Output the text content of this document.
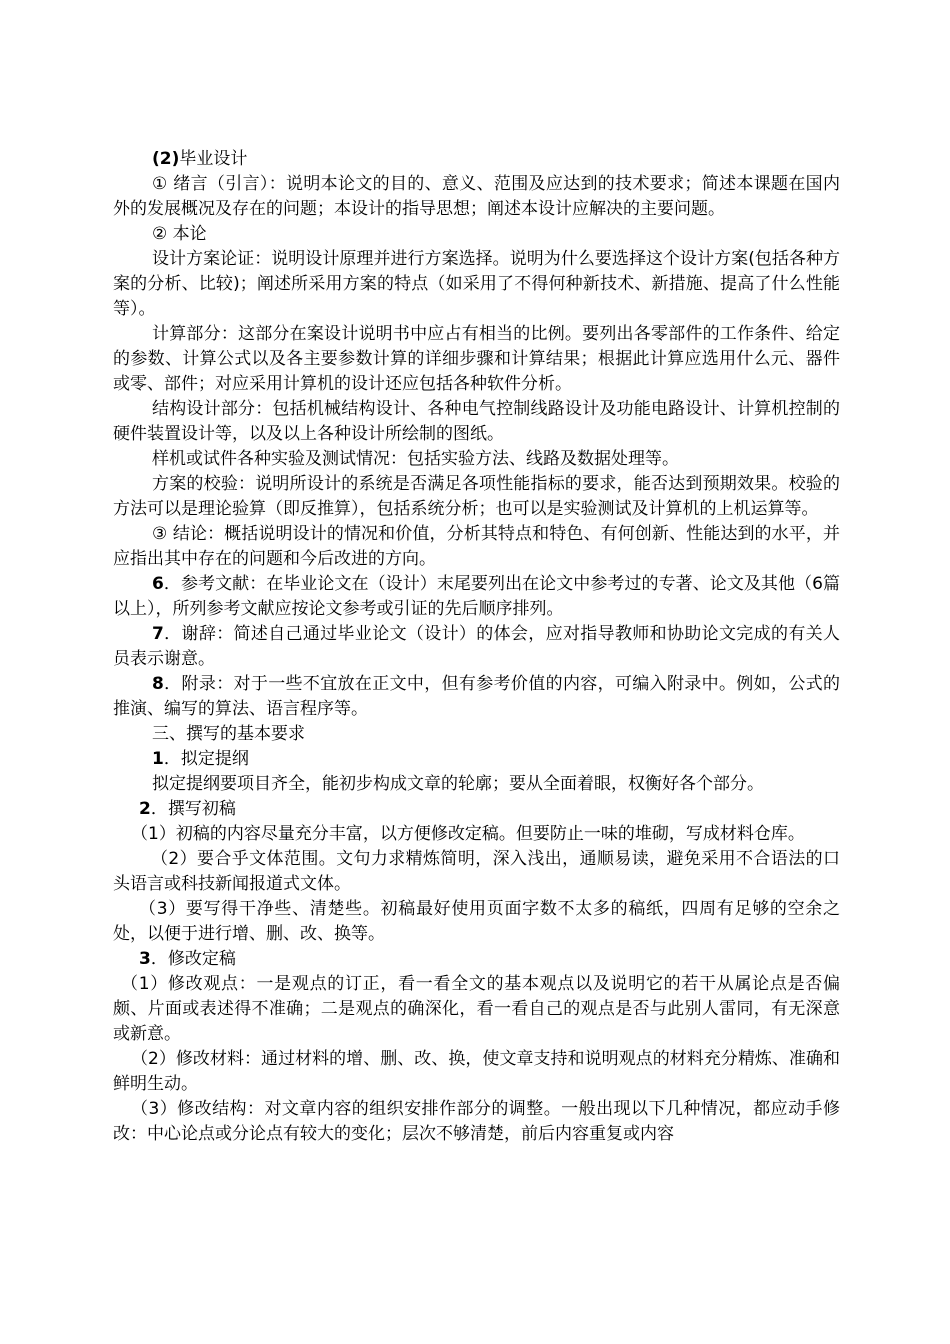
(2)毕业设计

① 绪言（引言）：说明本论文的目的、意义、范围及应达到的技术要求；简述本课题在国内外的发展概况及存在的问题；本设计的指导思想；阐述本设计应解决的主要问题。

② 本论

设计方案论证：说明设计原理并进行方案选择。说明为什么要选择这个设计方案(包括各种方案的分析、比较)；阐述所采用方案的特点（如采用了不得何种新技术、新措施、提高了什么性能等）。

计算部分：这部分在案设计说明书中应占有相当的比例。要列出各零部件的工作条件、给定的参数、计算公式以及各主要参数计算的详细步骤和计算结果；根据此计算应选用什么元、器件或零、部件；对应采用计算机的设计还应包括各种软件分析。

结构设计部分：包括机械结构设计、各种电气控制线路设计及功能电路设计、计算机控制的硬件装置设计等，以及以上各种设计所绘制的图纸。

样机或试件各种实验及测试情况：包括实验方法、线路及数据处理等。

方案的校验：说明所设计的系统是否满足各项性能指标的要求，能否达到预期效果。校验的方法可以是理论验算（即反推算），包括系统分析；也可以是实验测试及计算机的上机运算等。

③ 结论：概括说明设计的情况和价值，分析其特点和特色、有何创新、性能达到的水平，并应指出其中存在的问题和今后改进的方向。

6．参考文献：在毕业论文在（设计）末尾要列出在论文中参考过的专著、论文及其他（6篇以上），所列参考文献应按论文参考或引证的先后顺序排列。

7．谢辞：简述自己通过毕业论文（设计）的体会，应对指导教师和协助论文完成的有关人员表示谢意。

8．附录：对于一些不宜放在正文中，但有参考价值的内容，可编入附录中。例如，公式的推演、编写的算法、语言程序等。

三、撰写的基本要求

1．拟定提纲

拟定提纲要项目齐全，能初步构成文章的轮廓；要从全面着眼，权衡好各个部分。

2．撰写初稿

（1）初稿的内容尽量充分丰富，以方便修改定稿。但要防止一味的堆砌，写成材料仓库。

（2）要合乎文体范围。文句力求精炼简明，深入浅出，通顺易读，避免采用不合语法的口头语言或科技新闻报道式文体。

（3）要写得干净些、清楚些。初稿最好使用页面字数不太多的稿纸，四周有足够的空余之处，以便于进行增、删、改、换等。

3．修改定稿

（1）修改观点：一是观点的订正，看一看全文的基本观点以及说明它的若干从属论点是否偏颇、片面或表述得不准确；二是观点的确深化，看一看自己的观点是否与此别人雷同，有无深意或新意。

（2）修改材料：通过材料的增、删、改、换，使文章支持和说明观点的材料充分精炼、准确和鲜明生动。

（3）修改结构：对文章内容的组织安排作部分的调整。一般出现以下几种情况，都应动手修改：中心论点或分论点有较大的变化；层次不够清楚，前后内容重复或内容
